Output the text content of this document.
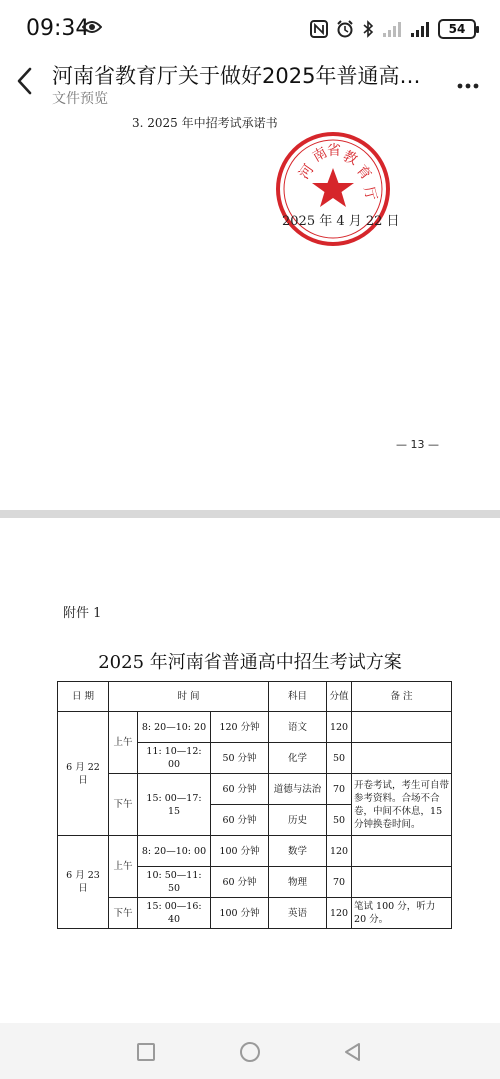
09:34	54
河南省教育厅关于做好2025年普通高…
文件预览
3. 2025 年中招考试承诺书
河
南
省 教
育
厅
2025 年 4 月 22 日
— 13 —
附件 1
2025 年河南省普通高中招生考试方案
日 期	时 间			科目	分值	备 注
6 月 22 日	上午	8: 20—10: 20	120 分钟	语文	120	
		11: 10—12: 00	50 分钟	化学	50	
	下午	15: 00—17: 15	60 分钟	道德与法治	70	开卷考试，考生可自带参考资料。合场不合卷，中间不休息，15 分钟换卷时间。
			60 分钟	历史	50	
6 月 23 日	上午	8: 20—10: 00	100 分钟	数学	120	
		10: 50—11: 50	60 分钟	物理	70	
	下午	15: 00—16: 40	100 分钟	英语	120	笔试 100 分，听力 20 分。
